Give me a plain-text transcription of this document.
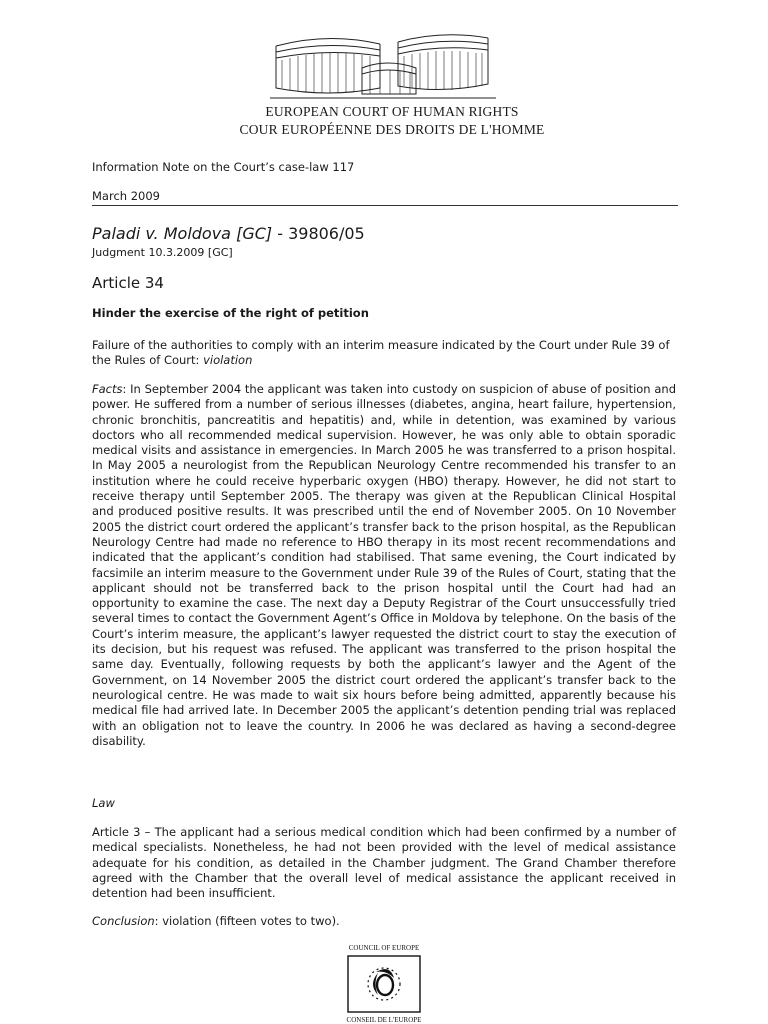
EUROPEAN COURT OF HUMAN RIGHTS
COUR EUROPÉENNE DES DROITS DE L'HOMME
Information Note on the Court’s case-law 117
March 2009
Paladi v. Moldova [GC] - 39806/05
Judgment 10.3.2009 [GC]
Article 34
Hinder the exercise of the right of petition

Failure of the authorities to comply with an interim measure indicated by the Court under Rule 39 of the Rules of Court: violation

Facts: In September 2004 the applicant was taken into custody on suspicion of abuse of position and power. He suffered from a number of serious illnesses (diabetes, angina, heart failure, hypertension, chronic bronchitis, pancreatitis and hepatitis) and, while in detention, was examined by various doctors who all recommended medical supervision. However, he was only able to obtain sporadic medical visits and assistance in emergencies. In March 2005 he was transferred to a prison hospital. In May 2005 a neurologist from the Republican Neurology Centre recommended his transfer to an institution where he could receive hyperbaric oxygen (HBO) therapy. However, he did not start to receive therapy until September 2005. The therapy was given at the Republican Clinical Hospital and produced positive results. It was prescribed until the end of November 2005. On 10 November 2005 the district court ordered the applicant’s transfer back to the prison hospital, as the Republican Neurology Centre had made no reference to HBO therapy in its most recent recommendations and indicated that the applicant’s condition had stabilised. That same evening, the Court indicated by facsimile an interim measure to the Government under Rule 39 of the Rules of Court, stating that the applicant should not be transferred back to the prison hospital until the Court had had an opportunity to examine the case. The next day a Deputy Registrar of the Court unsuccessfully tried several times to contact the Government Agent’s Office in Moldova by telephone. On the basis of the Court’s interim measure, the applicant’s lawyer requested the district court to stay the execution of its decision, but his request was refused. The applicant was transferred to the prison hospital the same day. Eventually, following requests by both the applicant’s lawyer and the Agent of the Government, on 14 November 2005 the district court ordered the applicant’s transfer back to the neurological centre. He was made to wait six hours before being admitted, apparently because his medical file had arrived late. In December 2005 the applicant’s detention pending trial was replaced with an obligation not to leave the country. In 2006 he was declared as having a second-degree disability.

Law

Article 3 – The applicant had a serious medical condition which had been confirmed by a number of medical specialists. Nonetheless, he had not been provided with the level of medical assistance adequate for his condition, as detailed in the Chamber judgment. The Grand Chamber therefore agreed with the Chamber that the overall level of medical assistance the applicant received in detention had been insufficient.

Conclusion: violation (fifteen votes to two).

COUNCIL OF EUROPE
CONSEIL DE L'EUROPE
